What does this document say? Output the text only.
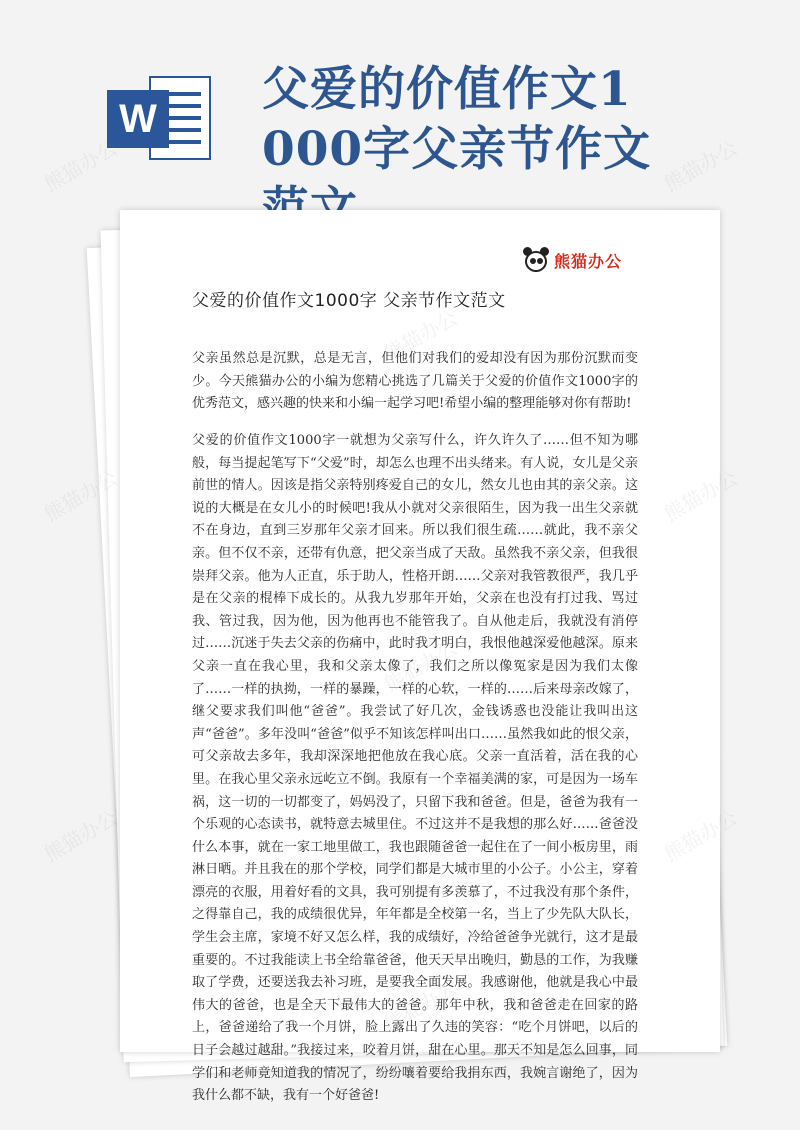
W
父爱的价值作文1000字父亲节作文
熊猫办公
父爱的价值作文1000字 父亲节作文范文

父亲虽然总是沉默，总是无言，但他们对我们的爱却没有因为那份沉默而变少。今天熊猫办公的小编为您精心挑选了几篇关于父爱的价值作文1000字的优秀范文，感兴趣的快来和小编一起学习吧!希望小编的整理能够对你有帮助!

父爱的价值作文1000字一就想为父亲写什么，许久许久了……但不知为哪般，每当提起笔写下“父爱”时，却怎么也理不出头绪来。有人说，女儿是父亲前世的情人。因该是指父亲特别疼爱自己的女儿，然女儿也由其的亲父亲。这说的大概是在女儿小的时候吧!我从小就对父亲很陌生，因为我一出生父亲就不在身边，直到三岁那年父亲才回来。所以我们很生疏……就此，我不亲父亲。但不仅不亲，还带有仇意，把父亲当成了天敌。虽然我不亲父亲，但我很崇拜父亲。他为人正直，乐于助人，性格开朗……父亲对我管教很严，我几乎是在父亲的棍棒下成长的。从我九岁那年开始，父亲在也没有打过我、骂过我、管过我，因为他，因为他再也不能管我了。自从他走后，我就没有消停过……沉迷于失去父亲的伤痛中，此时我才明白，我恨他越深爱他越深。原来父亲一直在我心里，我和父亲太像了，我们之所以像冤家是因为我们太像了……一样的执拗，一样的暴躁，一样的心软，一样的……后来母亲改嫁了，继父要求我们叫他“爸爸”。我尝试了好几次，金钱诱惑也没能让我叫出这声“爸爸”。多年没叫“爸爸”似乎不知该怎样叫出口……虽然我如此的恨父亲，可父亲故去多年，我却深深地把他放在我心底。父亲一直活着，活在我的心里。在我心里父亲永远屹立不倒。我原有一个幸福美满的家，可是因为一场车祸，这一切的一切都变了，妈妈没了，只留下我和爸爸。但是，爸爸为我有一个乐观的心态读书，就特意去城里住。不过这并不是我想的那么好……爸爸没什么本事，就在一家工地里做工，我也跟随爸爸一起住在了一间小板房里，雨淋日晒。并且我在的那个学校，同学们都是大城市里的小公子。小公主，穿着漂亮的衣服，用着好看的文具，我可别提有多羡慕了，不过我没有那个条件，之得靠自己，我的成绩很优异，年年都是全校第一名，当上了少先队大队长，学生会主席，家境不好又怎么样，我的成绩好，冷给爸爸争光就行，这才是最重要的。不过我能读上书全给靠爸爸，他天天早出晚归，勤恳的工作，为我赚取了学费，还要送我去补习班，是要我全面发展。我感谢他，他就是我心中最伟大的爸爸，也是全天下最伟大的爸爸。那年中秋，我和爸爸走在回家的路上，爸爸递给了我一个月饼，脸上露出了久违的笑容：“吃个月饼吧，以后的日子会越过越甜。”我接过来，咬着月饼，甜在心里。那天不知是怎么回事，同学们和老师竟知道我的情况了，纷纷嚷着要给我捐东西，我婉言谢绝了，因为我什么都不缺，我有一个好爸爸!

熊猫办公
熊猫办公
熊猫办公
熊猫办公
